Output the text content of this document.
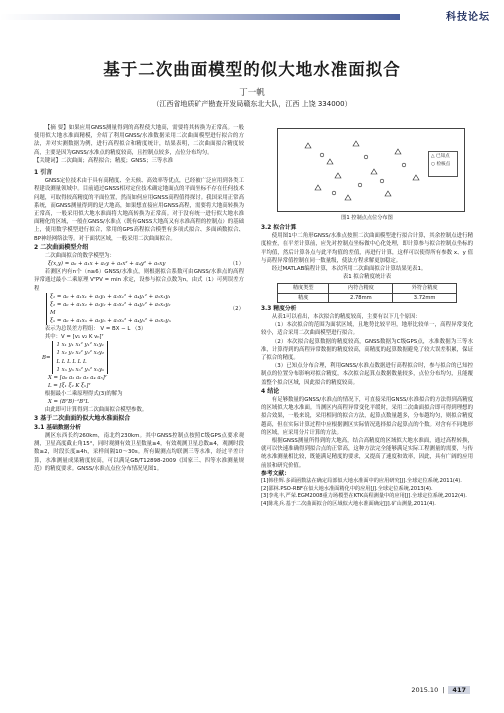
科技论坛
基于二次曲面模型的似大地水准面拟合
丁一帆
（江西省地质矿产勘查开发局赣东北大队，江西 上饶 334000）
【摘 要】如果应用GNSS测量得到的高程使大地高，需要将其转换为正常高。一般使用似大地水准面精模，介绍了利用GNSS/水准数据采用二次曲面模型进行拟合的方法，并对实测数据为例，进行高程拟合和精度统计，结果表明，二次曲面拟合精度较高，主要是因为GNSS/水准点的精度较高，且控制点较多，点位分布均匀。
【关键词】二次曲面；高程拟合；精度；GNSS；三等水准
1 引言
GNSS定位技术由于具有高精度、全天候、高效率等优点，已经被广泛应用到各类工程建设测量领域中。目前通过GNSS相对定位技术确定地面点的平面坐标不存在任何技术问题，可取得较高精度的平面位置，然而如何应用GNSS高程值得探讨。我国采用正常高系统，而GNSS测量得到的是大地高，如果想直接应用GNSS高程，需要将大地高转换为正常高，一般采用似大地水准面将大地高转换为正常高。对于没有统一进行似大地水准面精化的区域，一般在GNSS/水准点（既有GNSS大地高又有水准高程的控制点）的基础上，使用数学模型进行拟合，常用的GPS高程拟合模型有多项式拟合、多面函数拟合、BP神经网络法等。对于面状区域，一般采用二次曲面拟合。
2 二次曲面模型介绍
二次曲面拟合的数学模型为：
ξ(x,y) = a₀ + a₁x + a₂y + a₃x² + a₄y² + a₅xy	（1）
若测区内有n个（n≥6）GNSS/水准点，则根据拟合系数可由GNSS/水准点的高程异常通过最小二乘原理 VᵀPV = min 求定，设参与拟合点数为n，由式（1）可列误差方程
（2）
ξ₁ = a₀ + a₁x₁ + a₂y₁ + a₃x₁² + a₄y₁² + a₅x₁y₁
ξ₂ = a₀ + a₁x₂ + a₂y₂ + a₃x₂² + a₄y₂² + a₅x₂y₂
M
ξₙ = a₀ + a₁xₙ + a₂yₙ + a₃xₙ² + a₄yₙ² + a₅xₙyₙ
表示为总误差方程组： V = BX − L （3）
其中：V = [v₁ v₂ K vₙ]ᵀ
B=
1 x₁ y₁ x₁² y₁² x₁y₁
1 x₂ y₂ x₂² y₂² x₂y₂
L L L L L L
1 xₙ yₙ xₙ² yₙ² xₙyₙ
X = [a₀ a₁ a₂ a₃ a₄ a₅]ᵀ
L = [ξ₁ ξ₂ K ξₙ]ᵀ
根据最小二乘原理得式(3)的解为
X = (BᵀB)⁻¹BᵀL
由此即可计算得到二次曲面拟合模型参数。
3 基于二次曲面的似大地水准面拟合
3.1 基础数据分析
测区东西长约260km，南北约230km。其中GNSS控制点按照C级GPS点要求观测，卫星高度截止角15°，同时观测有效卫星数量≥4，有效观测卫星总数≥4，观测时段数≥2，时段长度≥4h，采样间隔10～30s。所有観测点均联测三等水准，经过平差计算，水准测量成果精度较高，可以满足GB/T12898-2009《国家三、四等水准测量规范》的精度要求。GNSS/水准点点位分布情况见图1。
△ 已知点
○ 检核点
图1 控制点点位分布图
3.2 拟合计算
使用图1中二角形GNSS/水准点按照二次曲面模型进行拟合计算，其余控制点进行精度检查，在平差计算前，应先对控制点坐标做中心化处理，即计算参与拟合控制点坐标的平均值，然后计算各点与此平均值的差值，再进行计算，这样可以使得所有参数 x、y 值与高程异常值控制在同一数量级，使法方程求解更加稳定。
经过MATLAB编程计算，本次所用二次曲面拟合计算结果见表1。
表1 拟合精度统计表
精度类型	内符合精度	外符合精度
精度	2.78mm	3.72mm
3.3 精度分析
从表1可以看出，本次拟合的精度较高，主要有以下几个原因：
（1）本次拟合的范围为面状区域，且地势比较平坦，地形比较单一，高程异常变化较小，适合采用二次曲面模型进行拟合。
（2）本次拟合起算数据的精度较高，GNSS数据为C级GPS点，水准数据为三等水准，计算得到的高程异常数据的精度较高，高精度的起算数据避免了较大误差积累，保证了拟合的精度。
（3）已知点分布合理，利用GNSS/水准点数据进行高程拟合时，参与拟合的已知控制点的位置分布影响对拟合精度，本次拟合起算点数据数量较多，点位分布均匀，且能覆盖整个拟合区域，因此拟合的精度较高。
4 结论
有足够数量的GNSS/水准点的情况下，可直接采用GNSS/水准拟合的方法得到高精度的区域似大地水准面。当测区内高程异常变化平缓时，采用二次曲面拟合即可得到理想的拟合效果，一般来说，采用相同的拟合方法，起算点数量越多，分布越均匀，则拟合精度越高，但在实际计算过程中应根据测区实际情况选择拟合起算点的个数。对含有不同地形的区域，应采用分片计算的方法。
根据GNSS测量所得到的大地高，结合高精度的区域似大地水准面，通过高程转换，就可以快速准确得到拟合点的正常高，这种方法完全能够满足实际工程测量的需要，与传统水准测量相比较，既能满足精度的要求，又提高了速度和效率，因此，具有广阔的应用前景和研究价值。
参考文献：
[1]韩佳辉.多面函数法在确定局部似大地水准面中的应用研究[J].全球定位系统,2011(4).
[2]邵林.PSO-RBF在似大地水准面精化中的应用[J].全球定位系统,2013(4).
[3]李兆丰,严荣.EGM2008重力场模型在KTK高程测量中的应用[J].全球定位系统,2012(4).
[4]陈兆兵.基于二次曲面拟合的区域似大地水准面确定[J].矿山测量,2011(4).
2015.10 |	417
